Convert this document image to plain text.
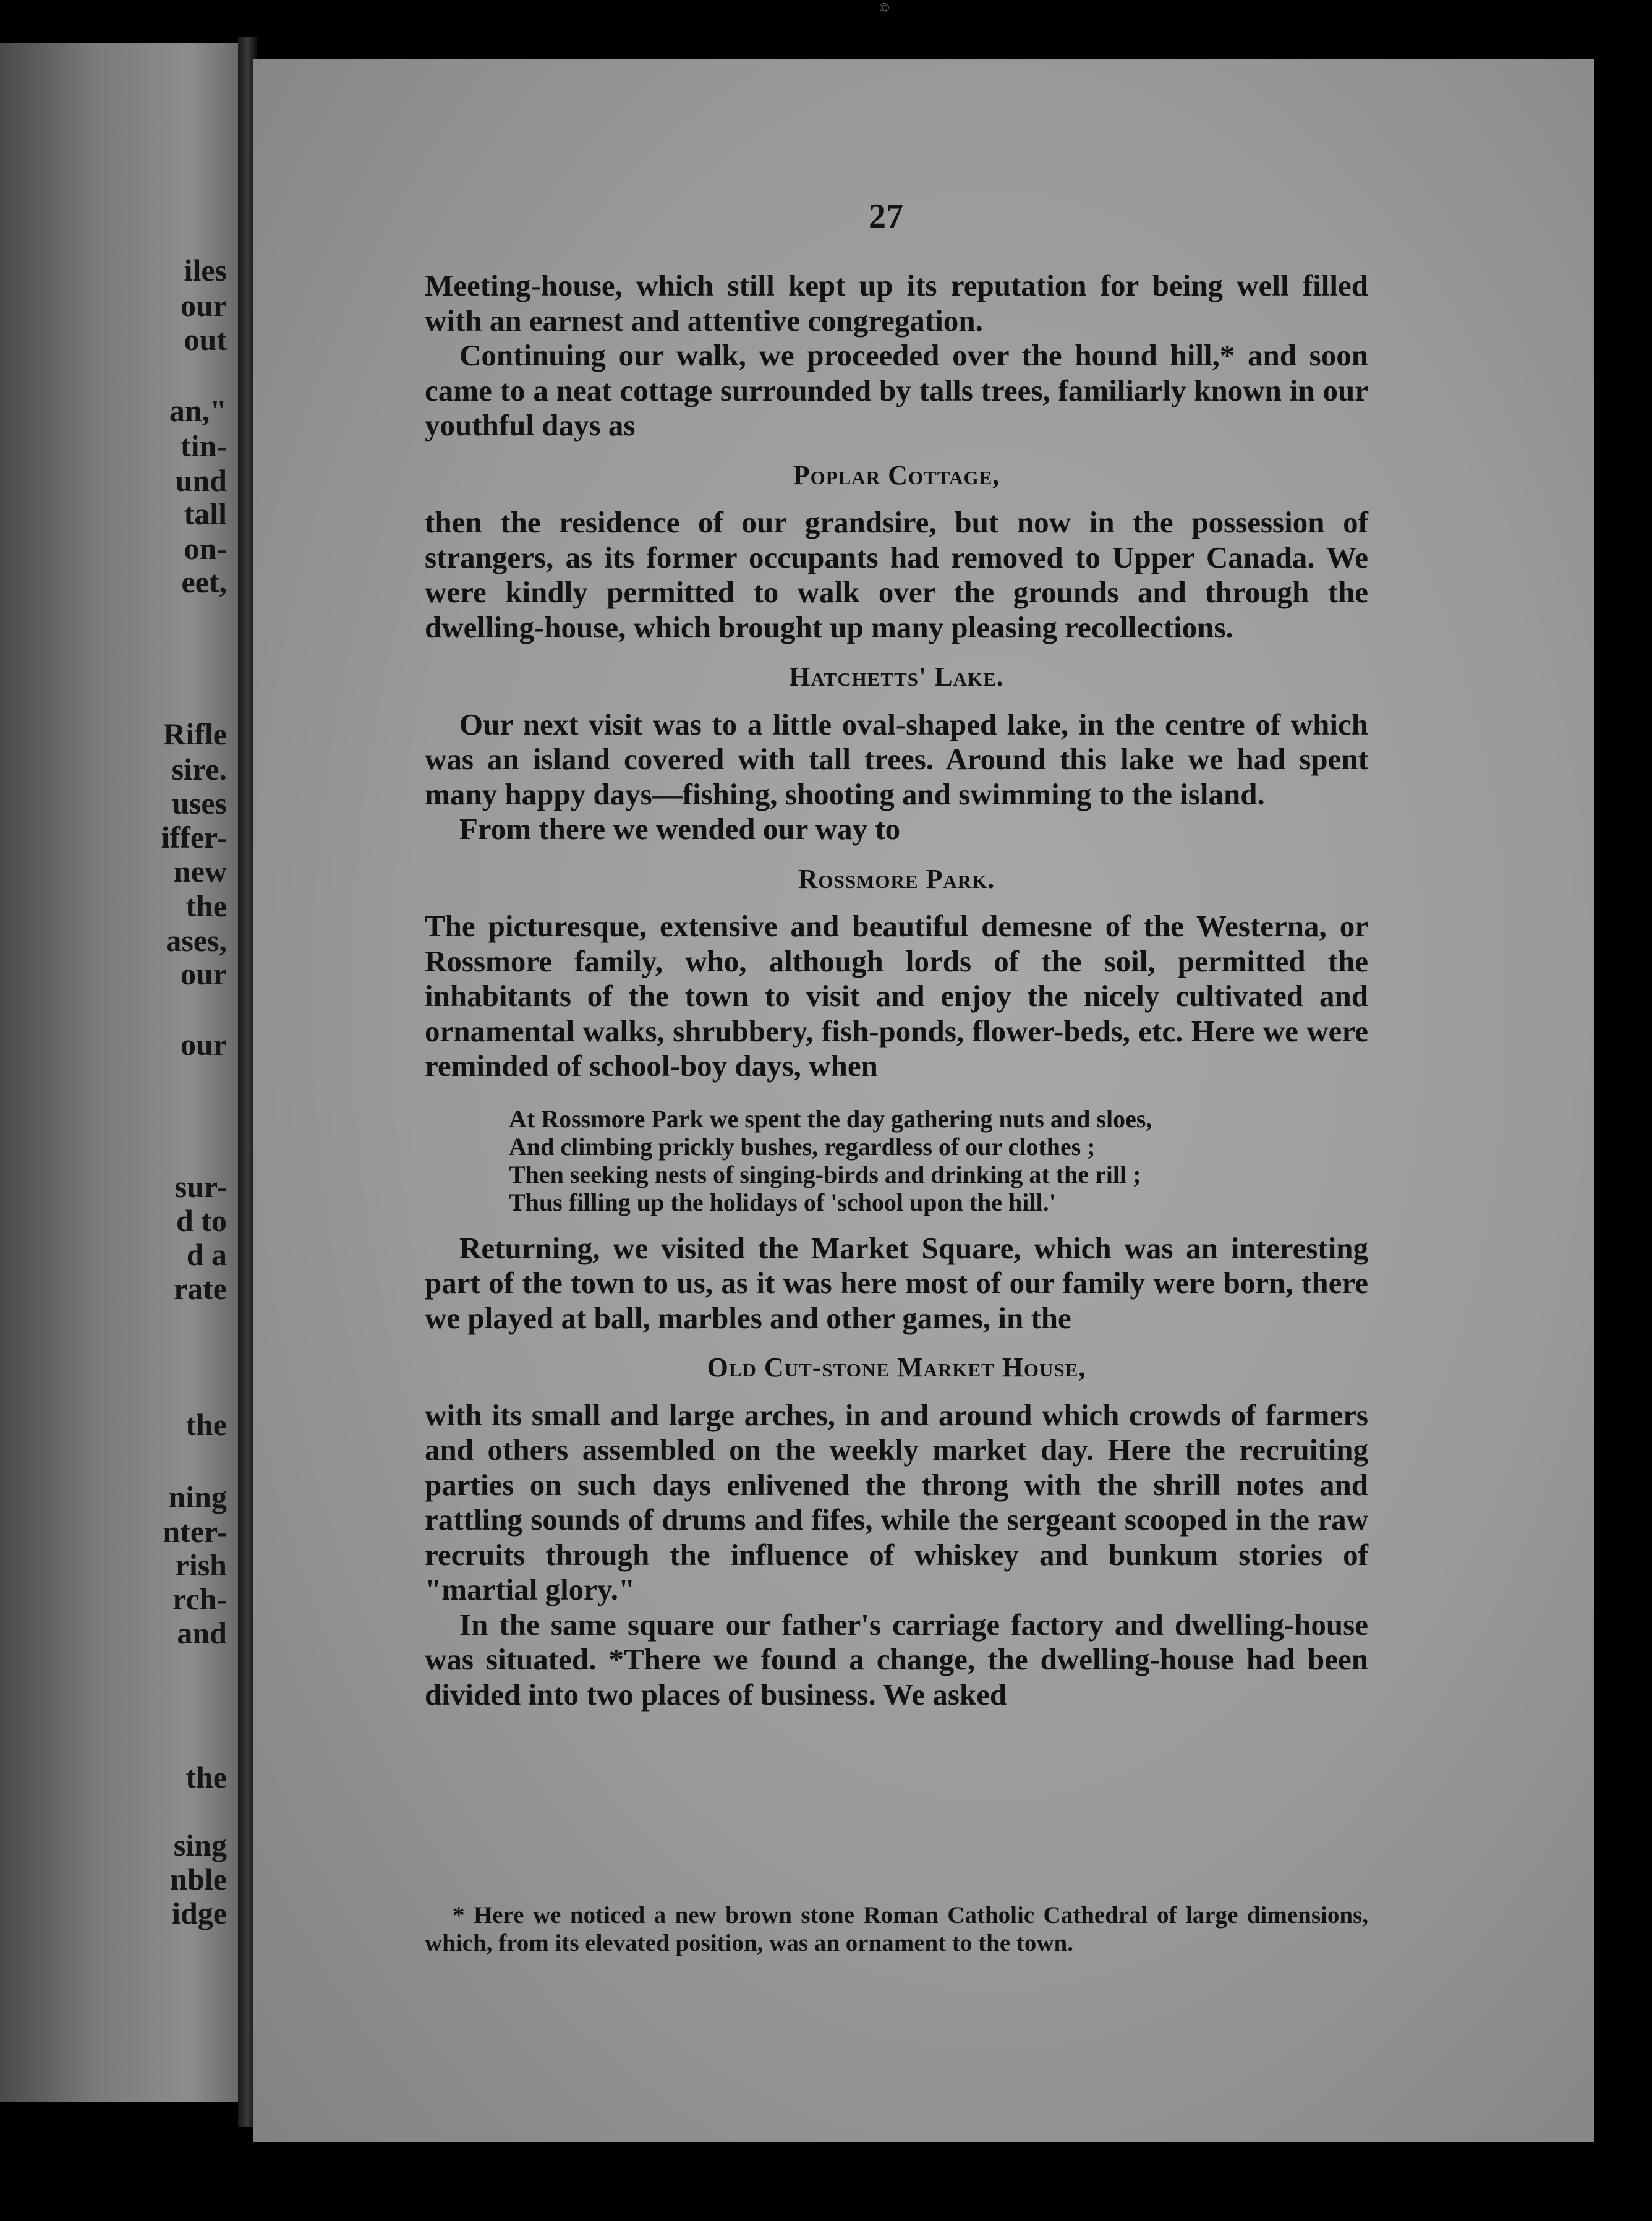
©
iles
our
out
an,"
tin-
und
tall
on-
eet,
Rifle
sire.
uses
iffer-
new
the
ases,
our
our
sur-
d to
d a
rate
the
ning
nter-
rish
rch-
and
the
sing
nble
idge
27

Meeting-house, which still kept up its reputation for being well filled with an earnest and attentive congregation.

Continuing our walk, we proceeded over the hound hill,* and soon came to a neat cottage surrounded by talls trees, familiarly known in our youthful days as

Poplar Cottage,

then the residence of our grandsire, but now in the possession of strangers, as its former occupants had removed to Upper Canada. We were kindly permitted to walk over the grounds and through the dwelling-house, which brought up many pleasing recollections.

Hatchetts' Lake.

Our next visit was to a little oval-shaped lake, in the centre of which was an island covered with tall trees. Around this lake we had spent many happy days—fishing, shooting and swimming to the island.

From there we wended our way to

Rossmore Park.

The picturesque, extensive and beautiful demesne of the Westerna, or Rossmore family, who, although lords of the soil, permitted the inhabitants of the town to visit and enjoy the nicely cultivated and ornamental walks, shrubbery, fish-ponds, flower-beds, etc. Here we were reminded of school-boy days, when

At Rossmore Park we spent the day gathering nuts and sloes,
And climbing prickly bushes, regardless of our clothes ;
Then seeking nests of singing-birds and drinking at the rill ;
Thus filling up the holidays of 'school upon the hill.'

Returning, we visited the Market Square, which was an interesting part of the town to us, as it was here most of our family were born, there we played at ball, marbles and other games, in the

Old Cut-stone Market House,

with its small and large arches, in and around which crowds of farmers and others assembled on the weekly market day. Here the recruiting parties on such days enlivened the throng with the shrill notes and rattling sounds of drums and fifes, while the sergeant scooped in the raw recruits through the influence of whiskey and bunkum stories of "martial glory."

In the same square our father's carriage factory and dwelling-house was situated. *There we found a change, the dwelling-house had been divided into two places of business. We asked

* Here we noticed a new brown stone Roman Catholic Cathedral of large dimensions, which, from its elevated position, was an ornament to the town.
